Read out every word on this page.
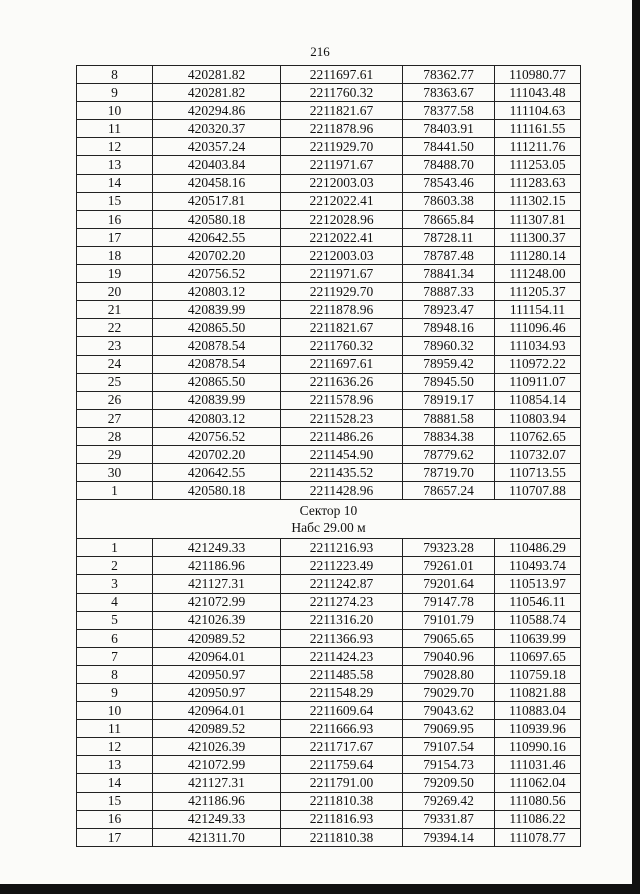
216
8	420281.82	2211697.61	78362.77	110980.77
9	420281.82	2211760.32	78363.67	111043.48
10	420294.86	2211821.67	78377.58	111104.63
11	420320.37	2211878.96	78403.91	111161.55
12	420357.24	2211929.70	78441.50	111211.76
13	420403.84	2211971.67	78488.70	111253.05
14	420458.16	2212003.03	78543.46	111283.63
15	420517.81	2212022.41	78603.38	111302.15
16	420580.18	2212028.96	78665.84	111307.81
17	420642.55	2212022.41	78728.11	111300.37
18	420702.20	2212003.03	78787.48	111280.14
19	420756.52	2211971.67	78841.34	111248.00
20	420803.12	2211929.70	78887.33	111205.37
21	420839.99	2211878.96	78923.47	111154.11
22	420865.50	2211821.67	78948.16	111096.46
23	420878.54	2211760.32	78960.32	111034.93
24	420878.54	2211697.61	78959.42	110972.22
25	420865.50	2211636.26	78945.50	110911.07
26	420839.99	2211578.96	78919.17	110854.14
27	420803.12	2211528.23	78881.58	110803.94
28	420756.52	2211486.26	78834.38	110762.65
29	420702.20	2211454.90	78779.62	110732.07
30	420642.55	2211435.52	78719.70	110713.55
1	420580.18	2211428.96	78657.24	110707.88

Сектор 10
Набс 29.00 м				

1	421249.33	2211216.93	79323.28	110486.29
2	421186.96	2211223.49	79261.01	110493.74
3	421127.31	2211242.87	79201.64	110513.97
4	421072.99	2211274.23	79147.78	110546.11
5	421026.39	2211316.20	79101.79	110588.74
6	420989.52	2211366.93	79065.65	110639.99
7	420964.01	2211424.23	79040.96	110697.65
8	420950.97	2211485.58	79028.80	110759.18
9	420950.97	2211548.29	79029.70	110821.88
10	420964.01	2211609.64	79043.62	110883.04
11	420989.52	2211666.93	79069.95	110939.96
12	421026.39	2211717.67	79107.54	110990.16
13	421072.99	2211759.64	79154.73	111031.46
14	421127.31	2211791.00	79209.50	111062.04
15	421186.96	2211810.38	79269.42	111080.56
16	421249.33	2211816.93	79331.87	111086.22
17	421311.70	2211810.38	79394.14	111078.77
